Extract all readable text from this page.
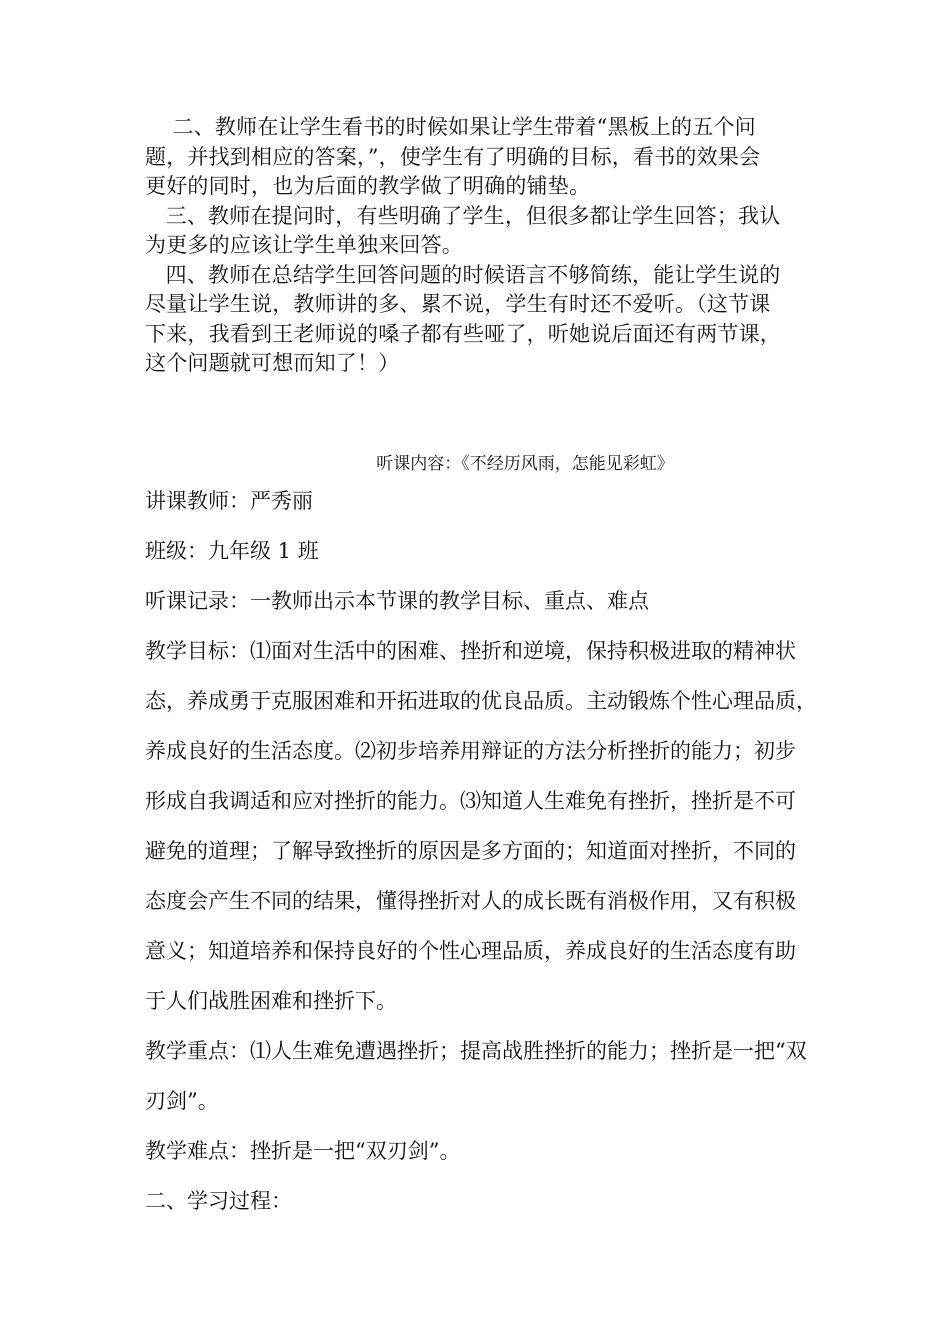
二、教师在让学生看书的时候如果让学生带着“黑板上的五个问
题，并找到相应的答案，”，使学生有了明确的目标，看书的效果会
更好的同时，也为后面的教学做了明确的铺垫。

三、教师在提问时，有些明确了学生，但很多都让学生回答；我认
为更多的应该让学生单独来回答。

四、教师在总结学生回答问题的时候语言不够简练，能让学生说的
尽量让学生说，教师讲的多、累不说，学生有时还不爱听。（这节课
下来，我看到王老师说的嗓子都有些哑了，听她说后面还有两节课，
这个问题就可想而知了！）

听课内容：《不经历风雨，怎能见彩虹》

讲课教师：严秀丽

班级：九年级 1 班

听课记录：一教师出示本节课的教学目标、重点、难点

教学目标：⑴面对生活中的困难、挫折和逆境，保持积极进取的精神状

态，养成勇于克服困难和开拓进取的优良品质。主动锻炼个性心理品质，

养成良好的生活态度。⑵初步培养用辩证的方法分析挫折的能力；初步

形成自我调适和应对挫折的能力。⑶知道人生难免有挫折，挫折是不可

避免的道理；了解导致挫折的原因是多方面的；知道面对挫折，不同的

态度会产生不同的结果，懂得挫折对人的成长既有消极作用，又有积极

意义；知道培养和保持良好的个性心理品质，养成良好的生活态度有助

于人们战胜困难和挫折下。

教学重点：⑴人生难免遭遇挫折；提高战胜挫折的能力；挫折是一把“双

刃剑”。

教学难点：挫折是一把“双刃剑”。

二、学习过程：
